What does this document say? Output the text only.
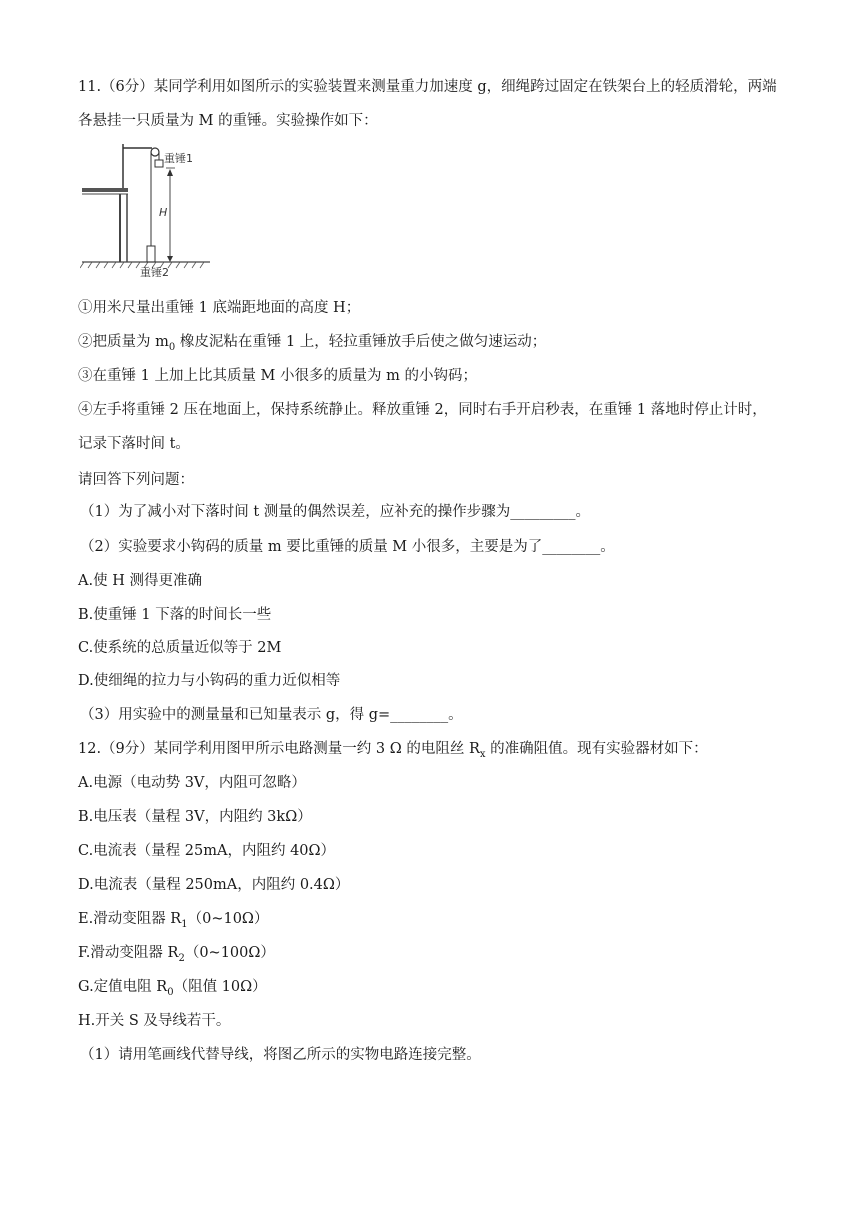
11.（6分）某同学利用如图所示的实验装置来测量重力加速度 g，细绳跨过固定在铁架台上的轻质滑轮，两端各悬挂一只质量为 M 的重锤。实验操作如下：
重锤1
H
重锤2
①用米尺量出重锤 1 底端距地面的高度 H；
②把质量为 $m_0$ 橡皮泥粘在重锤 1 上，轻拉重锤放手后使之做匀速运动；
③在重锤 1 上加上比其质量 M 小很多的质量为 m 的小钩码；
④左手将重锤 2 压在地面上，保持系统静止。释放重锤 2，同时右手开启秒表，在重锤 1 落地时停止计时，
记录下落时间 t。
请回答下列问题：
（1）为了减小对下落时间 t 测量的偶然误差，应补充的操作步骤为_________。
（2）实验要求小钩码的质量 m 要比重锤的质量 M 小很多，主要是为了________。
A.使 H 测得更准确
B.使重锤 1 下落的时间长一些
C.使系统的总质量近似等于 2M
D.使细绳的拉力与小钩码的重力近似相等
（3）用实验中的测量量和已知量表示 g，得 g=________。
12.（9分）某同学利用图甲所示电路测量一约 3 Ω 的电阻丝 $R_x$ 的准确阻值。现有实验器材如下：
A.电源（电动势 3V，内阻可忽略）
B.电压表（量程 3V，内阻约 3kΩ）
C.电流表（量程 25mA，内阻约 40Ω）
D.电流表（量程 250mA，内阻约 0.4Ω）
E.滑动变阻器 $R_1(0\sim 10\Omega)$
F.滑动变阻器 $R_2(0\sim 100\Omega)$
G.定值电阻 $R_0$（阻值 10Ω）
H.开关 S 及导线若干。
（1）请用笔画线代替导线，将图乙所示的实物电路连接完整。
